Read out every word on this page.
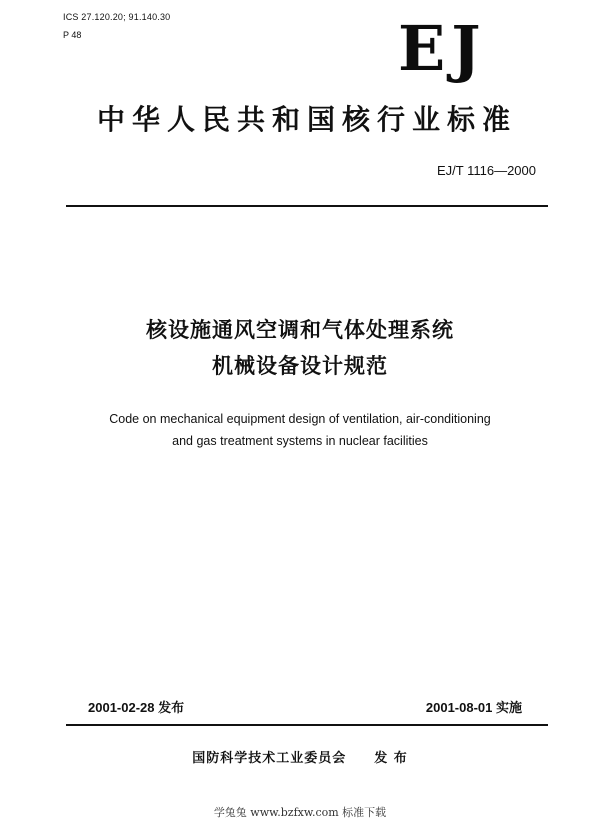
ICS 27.120.20; 91.140.30
P 48	EJ
中华人民共和国核行业标准
EJ/T 1116—2000
核设施通风空调和气体处理系统
机械设备设计规范
Code on mechanical equipment design of ventilation, air-conditioning
and gas treatment systems in nuclear facilities
2001-02-28 发布	2001-08-01 实施
国防科学技术工业委员会 发 布
学兔兔 www.bzfxw.com 标准下载
